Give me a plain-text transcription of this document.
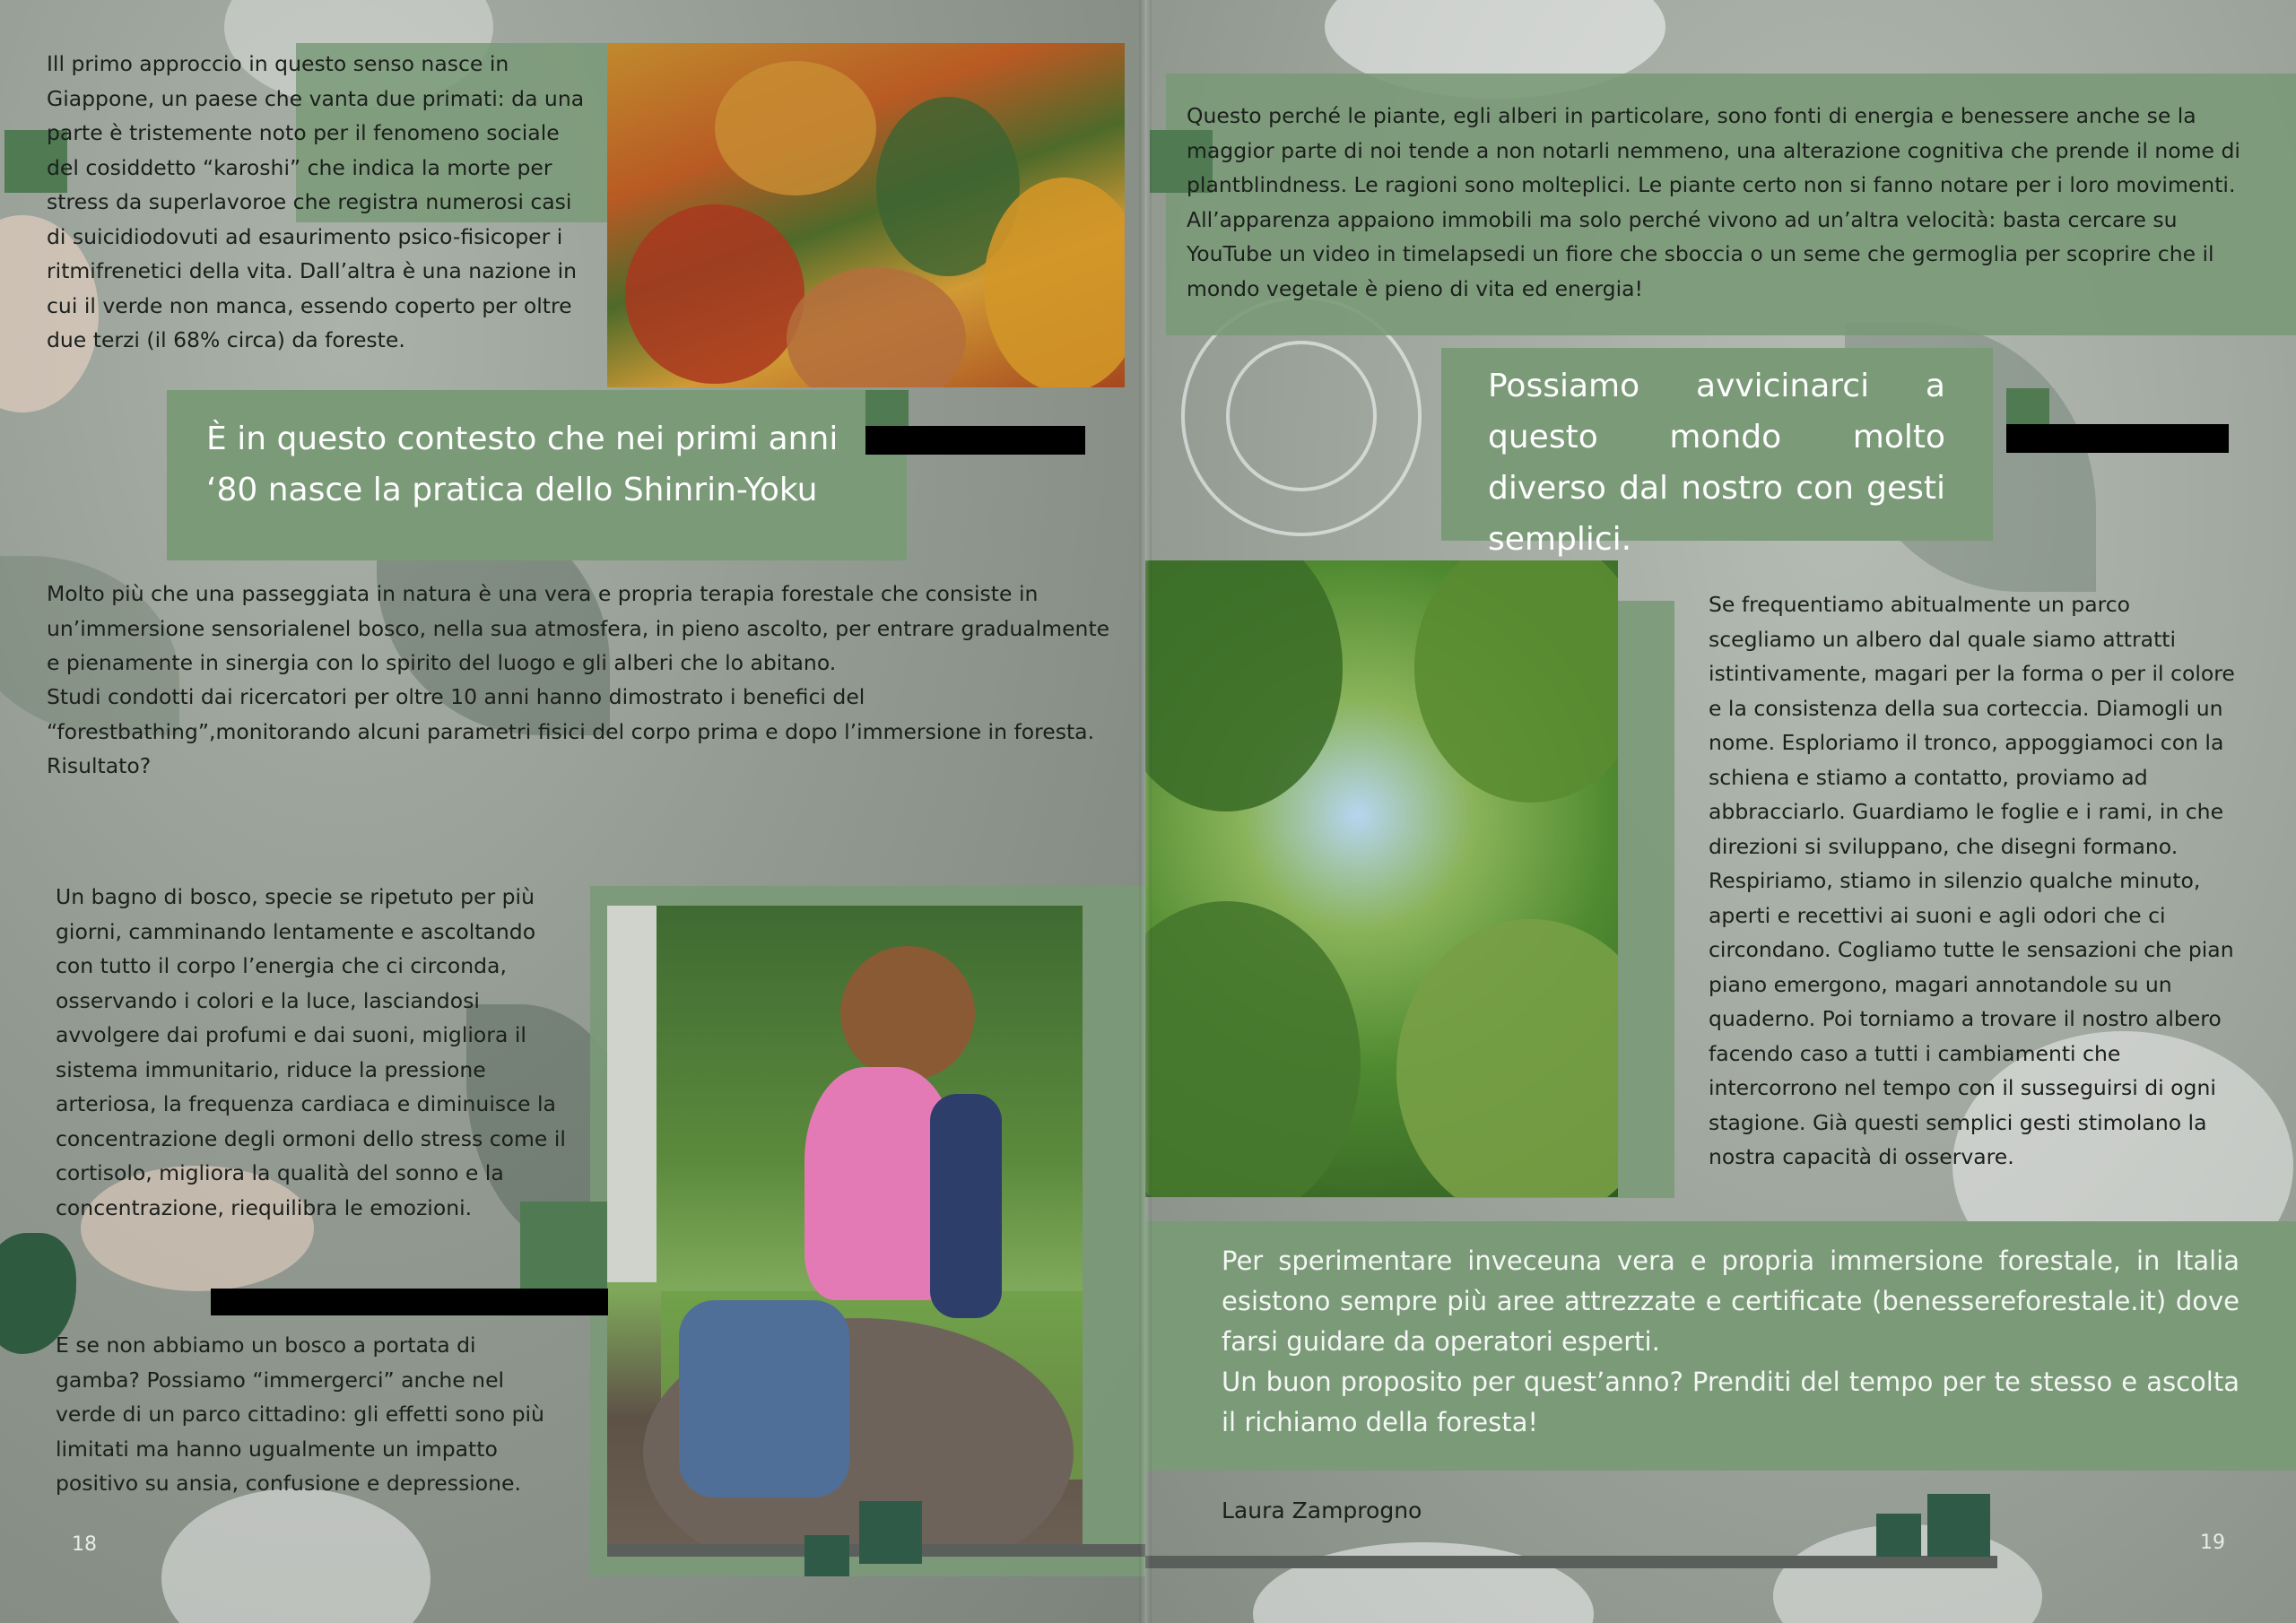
Ill primo approccio in questo senso nasce in Giappone, un paese che vanta due primati: da una parte è tristemente noto per il fenomeno sociale del cosiddetto “karoshi” che indica la morte per stress da superlavoroe che registra numerosi casi di suicidiodovuti ad esaurimento psico-fisicoper i ritmifrenetici della vita. Dall’altra è una nazione in cui il verde non manca, essendo coperto per oltre due terzi (il 68% circa) da foreste.

È in questo contesto che nei primi anni ‘80 nasce la pratica dello Shinrin-Yoku

Molto più che una passeggiata in natura è una vera e propria terapia forestale che consiste in un’immersione sensorialenel bosco, nella sua atmosfera, in pieno ascolto, per entrare gradualmente e pienamente in sinergia con lo spirito del luogo e gli alberi che lo abitano.

Studi condotti dai ricercatori per oltre 10 anni hanno dimostrato i benefici del “forestbathing”,monitorando alcuni parametri fisici del corpo prima e dopo l’immersione in foresta. Risultato?

Un bagno di bosco, specie se ripetuto per più giorni, camminando lentamente e ascoltando con tutto il corpo l’energia che ci circonda, osservando i colori e la luce, lasciandosi avvolgere dai profumi e dai suoni, migliora il sistema immunitario, riduce la pressione arteriosa, la frequenza cardiaca e diminuisce la concentrazione degli ormoni dello stress come il cortisolo, migliora la qualità del sonno e la concentrazione, riequilibra le emozioni.

E se non abbiamo un bosco a portata di gamba? Possiamo “immergerci” anche nel verde di un parco cittadino: gli effetti sono più limitati ma hanno ugualmente un impatto positivo su ansia, confusione e depressione.

18

Questo perché le piante, egli alberi in particolare, sono fonti di energia e benessere anche se la maggior parte di noi tende a non notarli nemmeno, una alterazione cognitiva che prende il nome di plantblindness. Le ragioni sono molteplici. Le piante certo non si fanno notare per i loro movimenti. All’apparenza appaiono immobili ma solo perché vivono ad un’altra velocità: basta cercare su YouTube un video in timelapsedi un fiore che sboccia o un seme che germoglia per scoprire che il mondo vegetale è pieno di vita ed energia!

Possiamo avvicinarci a questo mondo molto diverso dal nostro con gesti semplici.

Se frequentiamo abitualmente un parco scegliamo un albero dal quale siamo attratti istintivamente, magari per la forma o per il colore e la consistenza della sua corteccia. Diamogli un nome. Esploriamo il tronco, appoggiamoci con la schiena e stiamo a contatto, proviamo ad abbracciarlo. Guardiamo le foglie e i rami, in che direzioni si sviluppano, che disegni formano. Respiriamo, stiamo in silenzio qualche minuto, aperti e recettivi ai suoni e agli odori che ci circondano. Cogliamo tutte le sensazioni che pian piano emergono, magari annotandole su un quaderno. Poi torniamo a trovare il nostro albero facendo caso a tutti i cambiamenti che intercorrono nel tempo con il susseguirsi di ogni stagione. Già questi semplici gesti stimolano la nostra capacità di osservare.

Per sperimentare inveceuna vera e propria immersione forestale, in Italia esistono sempre più aree attrezzate e certificate (benessereforestale.it) dove farsi guidare da operatori esperti.

Un buon proposito per quest’anno? Prenditi del tempo per te stesso e ascolta il richiamo della foresta!

Laura Zamprogno
19
